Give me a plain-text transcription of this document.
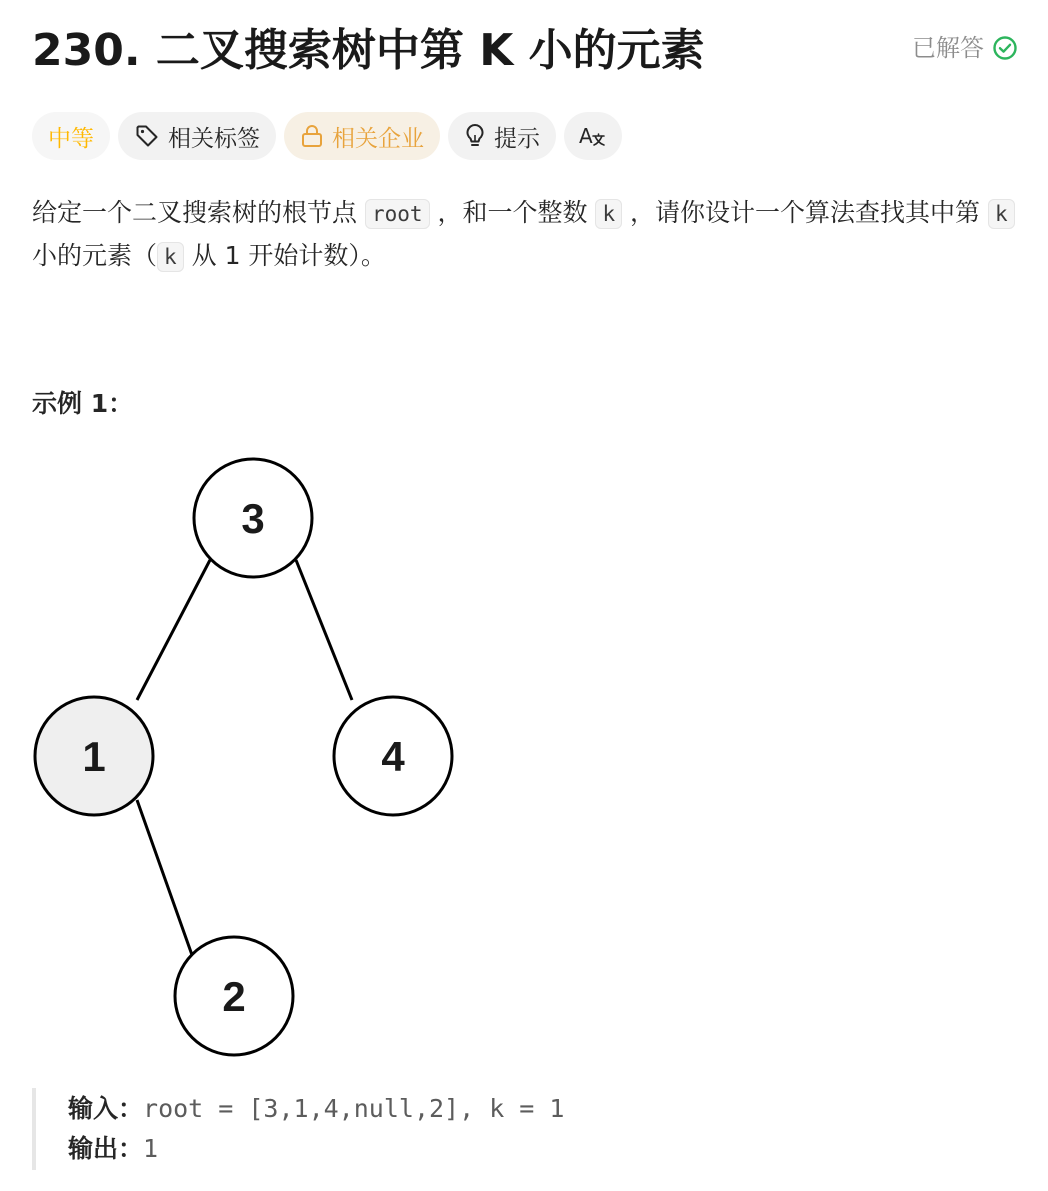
230. 二叉搜索树中第 K 小的元素	已解答
中等	相关标签	相关企业	提示 A
给定一个二叉搜索树的根节点 root ，和一个整数 k ，请你设计一个算法查找其中第 k 小的元素（ k 从 1 开始计数）。
示例 1：
3
1	4
2
输入：root = [3,1,4,null,2], k = 1
输出：1
